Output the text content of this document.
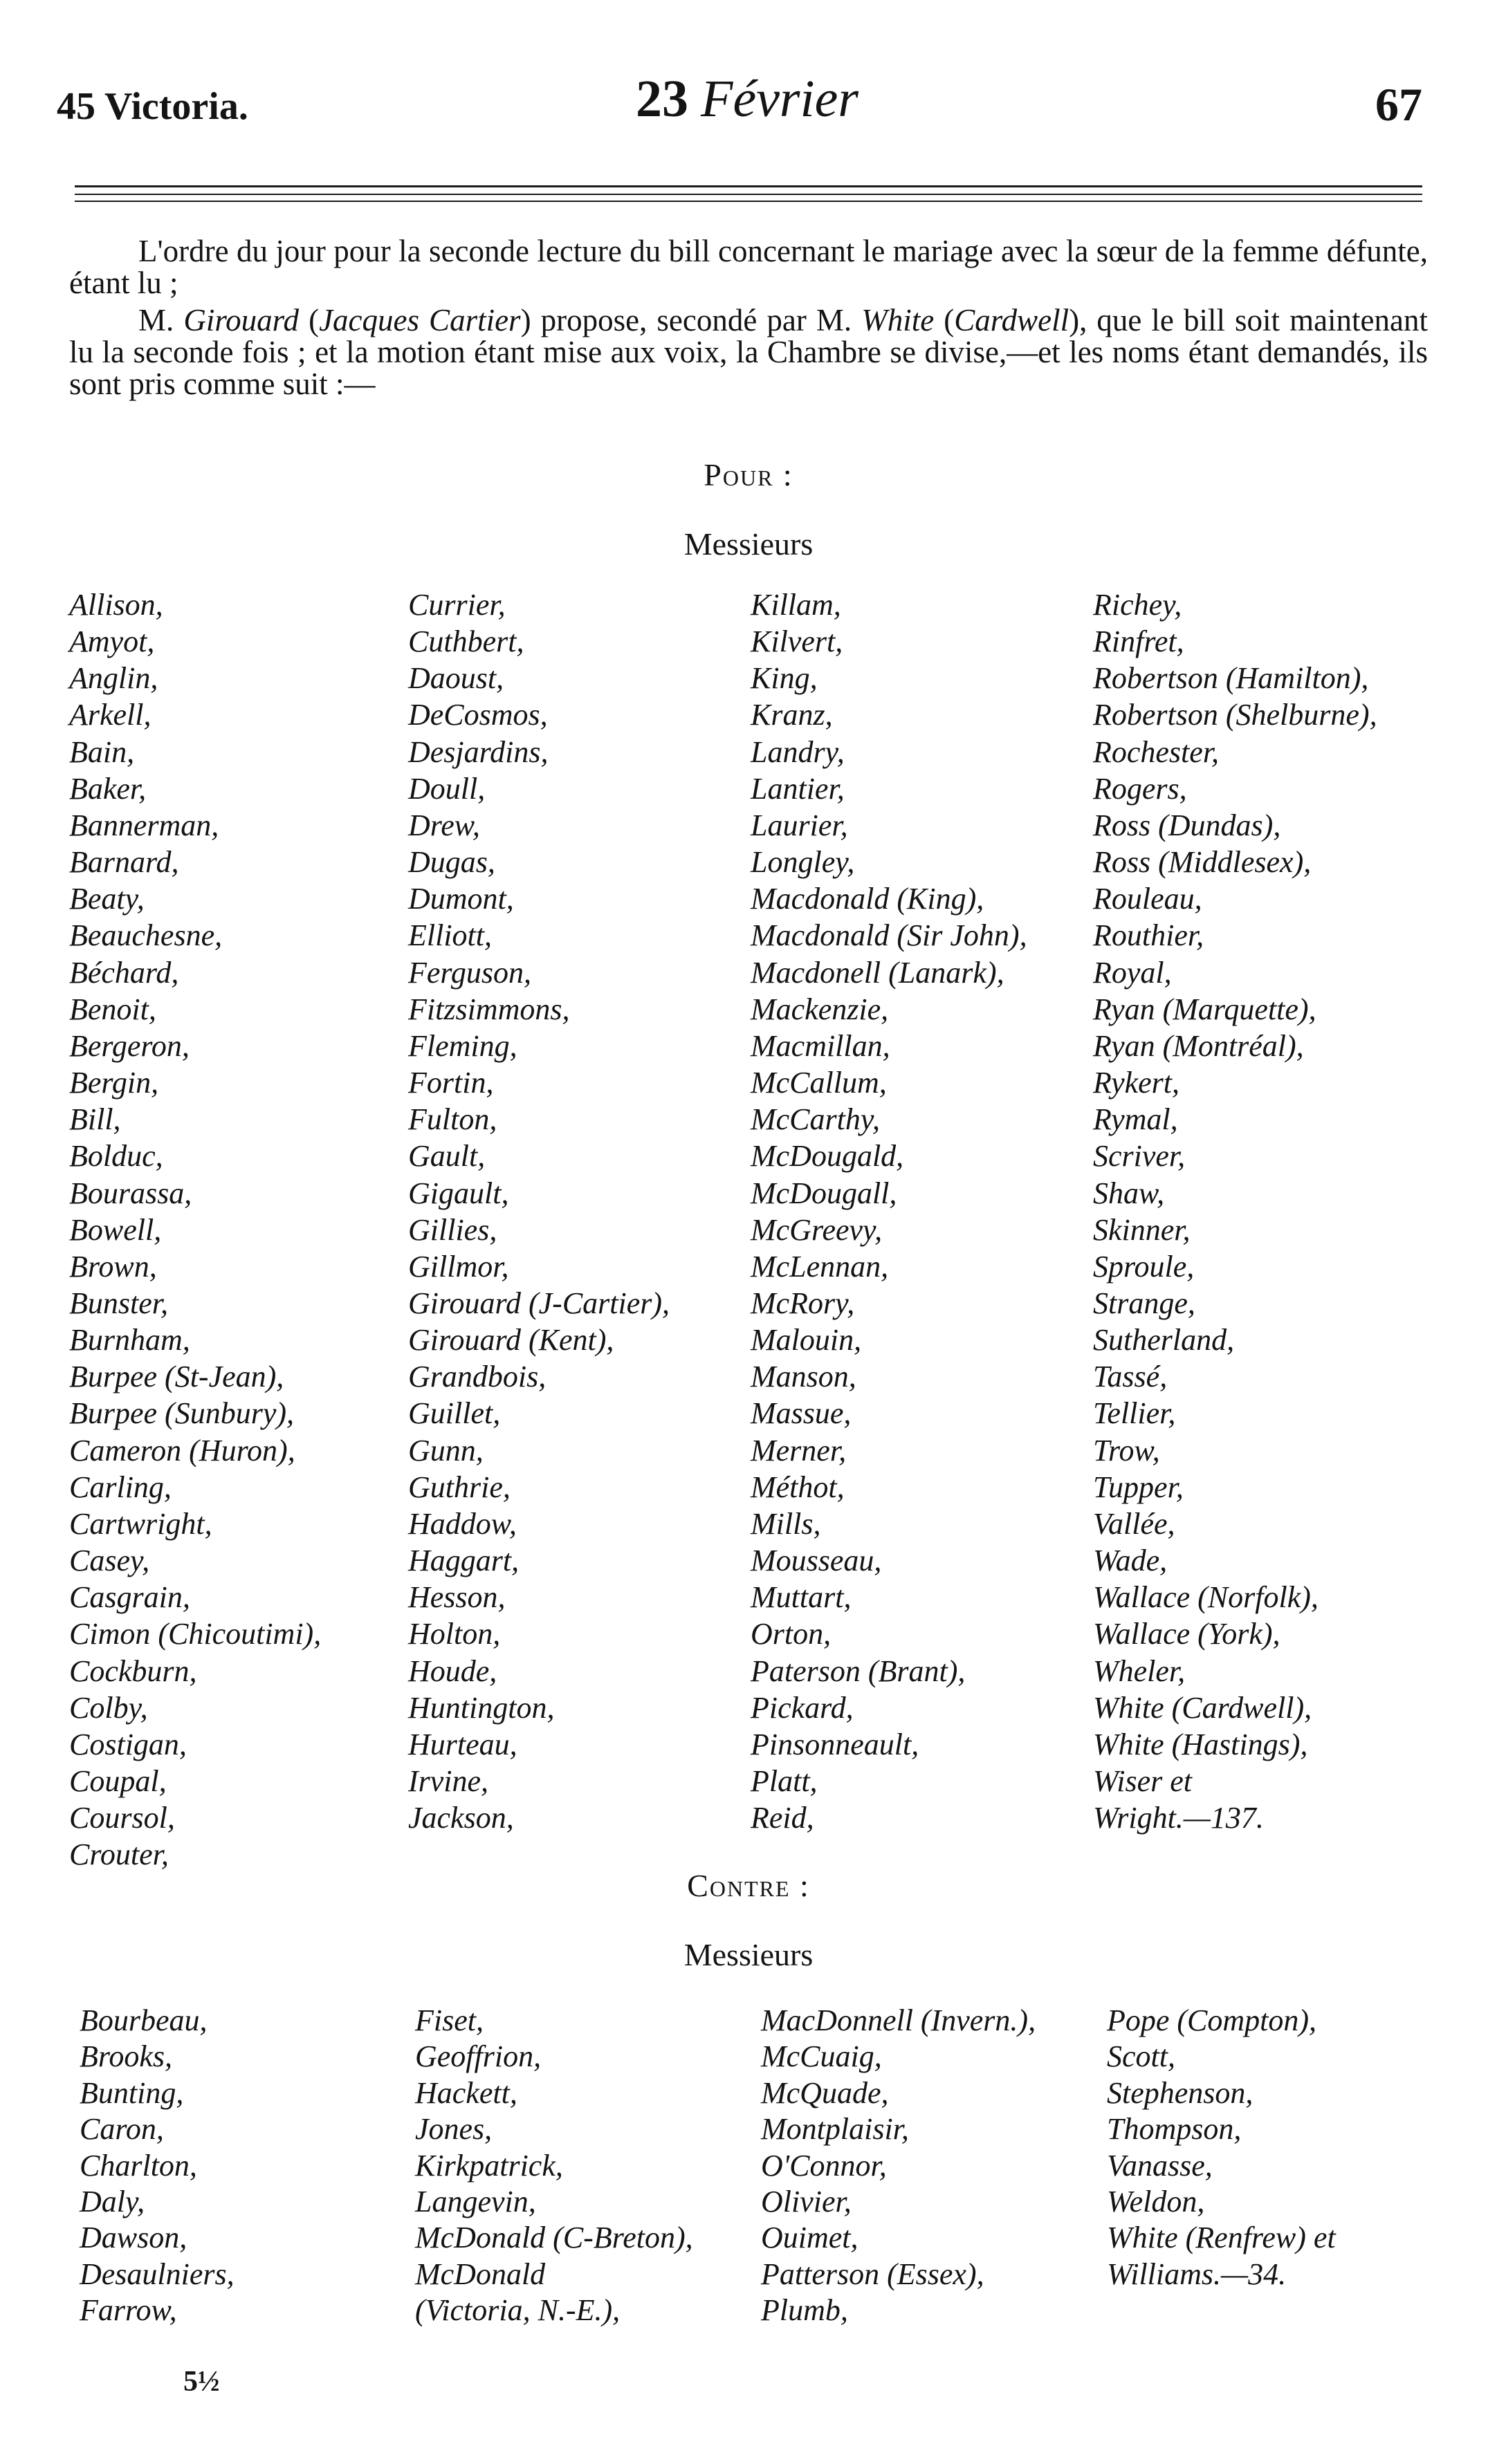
45 Victoria.	23 Février	67
L'ordre du jour pour la seconde lecture du bill concernant le mariage avec la sœur de la femme défunte, étant lu ;
M. Girouard (Jacques Cartier) propose, secondé par M. White (Cardwell), que le bill soit maintenant lu la seconde fois ; et la motion étant mise aux voix, la Chambre se divise,—et les noms étant demandés, ils sont pris comme suit :—
Pour :
Messieurs
Allison,
Amyot,
Anglin,
Arkell,
Bain,
Baker,
Bannerman,
Barnard,
Beaty,
Beauchesne,
Béchard,
Benoit,
Bergeron,
Bergin,
Bill,
Bolduc,
Bourassa,
Bowell,
Brown,
Bunster,
Burnham,
Burpee (St-Jean),
Burpee (Sunbury),
Cameron (Huron),
Carling,
Cartwright,
Casey,
Casgrain,
Cimon (Chicoutimi),
Cockburn,
Colby,
Costigan,
Coupal,
Coursol,
Crouter,
Currier,
Cuthbert,
Daoust,
DeCosmos,
Desjardins,
Doull,
Drew,
Dugas,
Dumont,
Elliott,
Ferguson,
Fitzsimmons,
Fleming,
Fortin,
Fulton,
Gault,
Gigault,
Gillies,
Gillmor,
Girouard (J-Cartier),
Girouard (Kent),
Grandbois,
Guillet,
Gunn,
Guthrie,
Haddow,
Haggart,
Hesson,
Holton,
Houde,
Huntington,
Hurteau,
Irvine,
Jackson,
Killam,
Kilvert,
King,
Kranz,
Landry,
Lantier,
Laurier,
Longley,
Macdonald (King),
Macdonald (Sir John),
Macdonell (Lanark),
Mackenzie,
Macmillan,
McCallum,
McCarthy,
McDougald,
McDougall,
McGreevy,
McLennan,
McRory,
Malouin,
Manson,
Massue,
Merner,
Méthot,
Mills,
Mousseau,
Muttart,
Orton,
Paterson (Brant),
Pickard,
Pinsonneault,
Platt,
Reid,
Richey,
Rinfret,
Robertson (Hamilton),
Robertson (Shelburne),
Rochester,
Rogers,
Ross (Dundas),
Ross (Middlesex),
Rouleau,
Routhier,
Royal,
Ryan (Marquette),
Ryan (Montréal),
Rykert,
Rymal,
Scriver,
Shaw,
Skinner,
Sproule,
Strange,
Sutherland,
Tassé,
Tellier,
Trow,
Tupper,
Vallée,
Wade,
Wallace (Norfolk),
Wallace (York),
Wheler,
White (Cardwell),
White (Hastings),
Wiser et
Wright.—137.
Contre :
Messieurs
Bourbeau,
Brooks,
Bunting,
Caron,
Charlton,
Daly,
Dawson,
Desaulniers,
Farrow,
Fiset,
Geoffrion,
Hackett,
Jones,
Kirkpatrick,
Langevin,
McDonald (C-Breton),
McDonald
(Victoria, N.-E.),
MacDonnell (Invern.),
McCuaig,
McQuade,
Montplaisir,
O'Connor,
Olivier,
Ouimet,
Patterson (Essex),
Plumb,
Pope (Compton),
Scott,
Stephenson,
Thompson,
Vanasse,
Weldon,
White (Renfrew) et
Williams.—34.
5½
